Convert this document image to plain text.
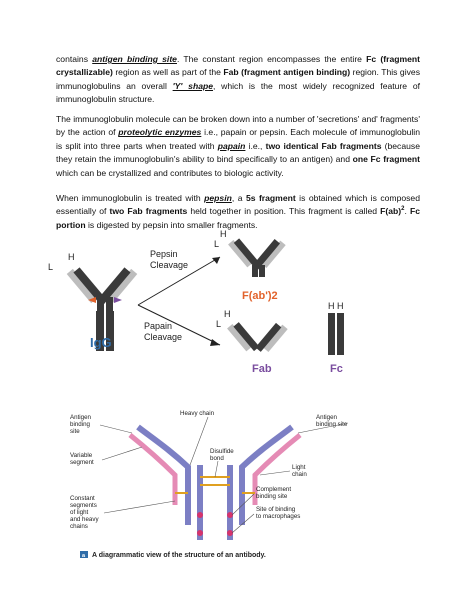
contains antigen binding site. The constant region encompasses the entire Fc (fragment crystallizable) region as well as part of the Fab (fragment antigen binding) region. This gives immunoglobulins an overall 'Y' shape, which is the most widely recognized feature of immunoglobulin structure.
The immunoglobulin molecule can be broken down into a number of 'secretions' and' fragments' by the action of proteolytic enzymes i.e., papain or pepsin. Each molecule of immunoglobulin is split into three parts when treated with papain i.e., two identical Fab fragments (because they retain the immunoglobulin's ability to bind specifically to an antigen) and one Fc fragment which can be crystallized and contributes to biologic activity.
When immunoglobulin is treated with pepsin, a 5s fragment is obtained which is composed essentially of two Fab fragments held together in position. This fragment is called F(ab)$^2$. Fc portion is digested by pepsin into smaller fragments.
L
H
IgG
Pepsin
Cleavage
Papain
Cleavage
H
L
F(ab')2
H
L
Fab
H H
Fc
Heavy chain
Antigen
binding
site
Antigen
binding site
Variable
segment
Disulfide
bond
Light
chain
Constant
segments
of light
and heavy
chains
Complement
binding site
Site of binding
to macrophages
a A diagrammatic view of the structure of an antibody.
